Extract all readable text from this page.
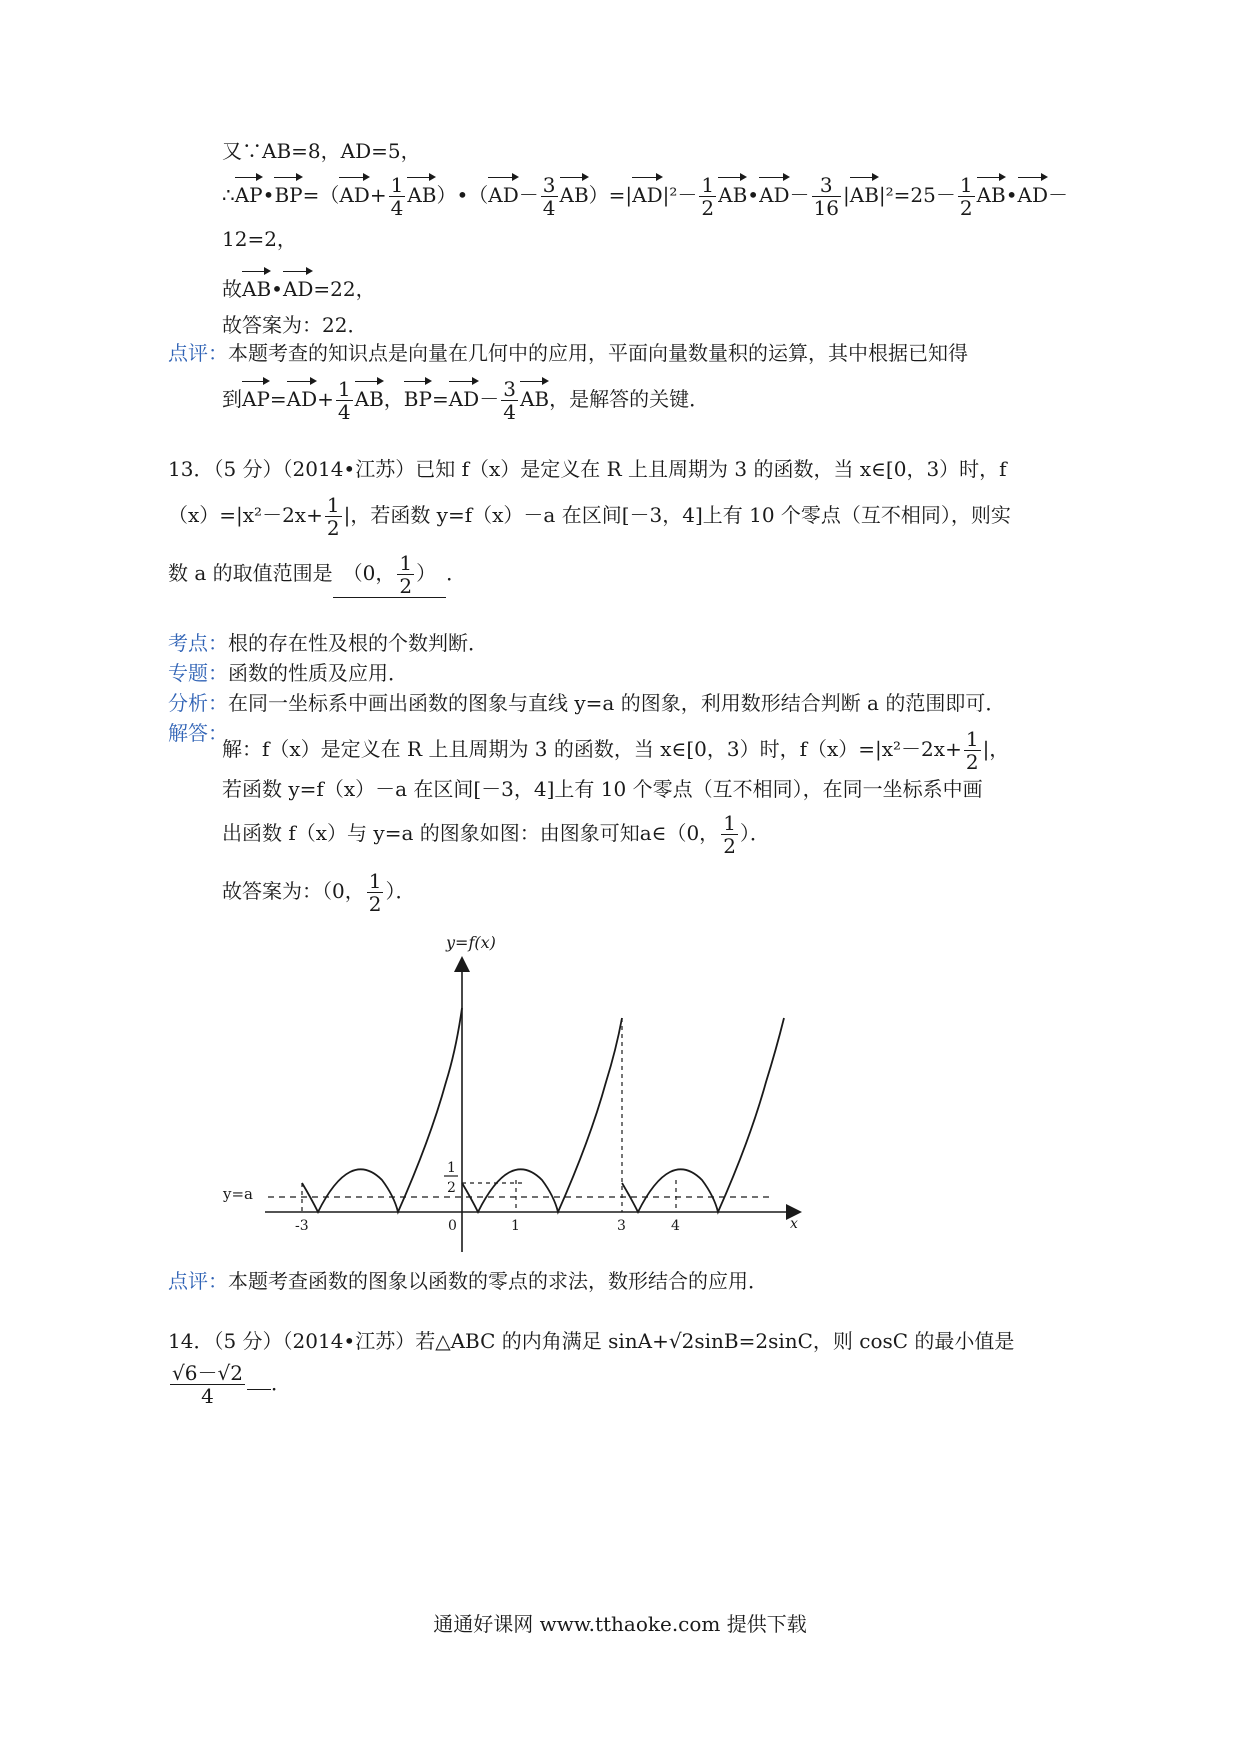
又∵AB=8，AD=5，
∴AP•BP=（AD+ $\frac{1}{4}$ AB）•（AD－ $\frac{3}{4} AB)=|AD|^2- \frac{1}{2}$ AB•AD－ $\frac{3}{16} |AB|^2=25- \frac{1}{2}$ AB•AD－
12=2，
故AB•AD=22，
故答案为：22．
点评：本题考查的知识点是向量在几何中的应用，平面向量数量积的运算，其中根据已知得
到$AP=AD+ \frac{1}{4}$ AB，$BP=AD- \frac{3}{4}$ AB，是解答的关键．
13．（5 分）（2014•江苏）已知 f（x）是定义在 R 上且周期为 3 的函数，当 x∈[0，3）时，f
$(x)=|x^2-2x+ \frac{1}{2}$ |，若函数 y=f（x）－a 在区间[－3，4]上有 10 个零点（互不相同），则实
数 a 的取值范围是 （0， $\frac{1}{2}$ ） ．
考点：根的存在性及根的个数判断．
专题：函数的性质及应用．
分析：在同一坐标系中画出函数的图象与直线 y=a 的图象，利用数形结合判断 a 的范围即可．
解答：
解：f（x）是定义在 R 上且周期为 3 的函数，当 x∈[0，3）时，$f(x)=|x^2-2x+ \frac{1}{2}$ |，
若函数 y=f（x）－a 在区间[－3，4]上有 10 个零点（互不相同），在同一坐标系中画
出函数 f（x）与 y=a 的图象如图：由图象可知a∈（0， $\frac{1}{2}$ ）．
故答案为：（0， $\frac{1}{2}$ ）．
y=f(x)
x
y=a
-3	0	1	3	4
1
2
点评：本题考查函数的图象以函数的零点的求法，数形结合的应用．
14．（5 分）（2014•江苏）若△ABC 的内角满足 sinA+√2sinB=2sinC，则 cosC 的最小值是
$\frac{√6-√2}{4}$ ．
通通好课网 www.tthaoke.com 提供下载
